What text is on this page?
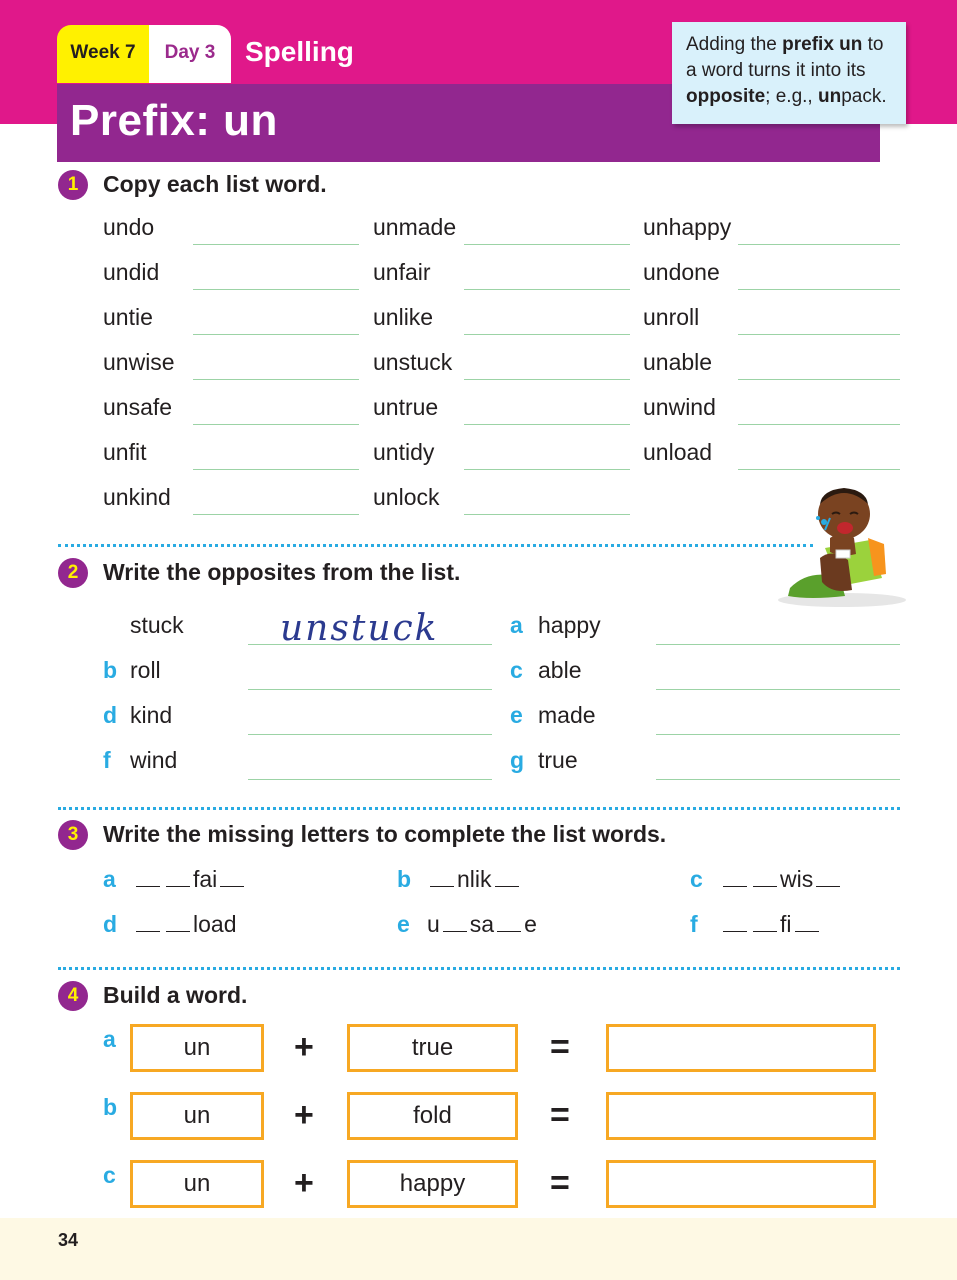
Week 7	Day 3	Spelling
Prefix: un
Adding the prefix un to a word turns it into its opposite; e.g., unpack.
1	Copy each list word.
undo	unmade	unhappy
undid	unfair	undone
untie	unlike	unroll
unwise	unstuck	unable
unsafe	untrue	unwind
unfit	untidy	unload
unkind	unlock
2	Write the opposites from the list.
stuck	unstuck	a happy
b roll	c able
d kind	e made
f wind	g true
3	Write the missing letters to complete the list words.
a	fai	b	nlik	c	wis
d	load	e u sa e	f	fi
4	Build a word.
a	un	+	true	=
b	un	+	fold	=
c	un	+	happy	=
34
